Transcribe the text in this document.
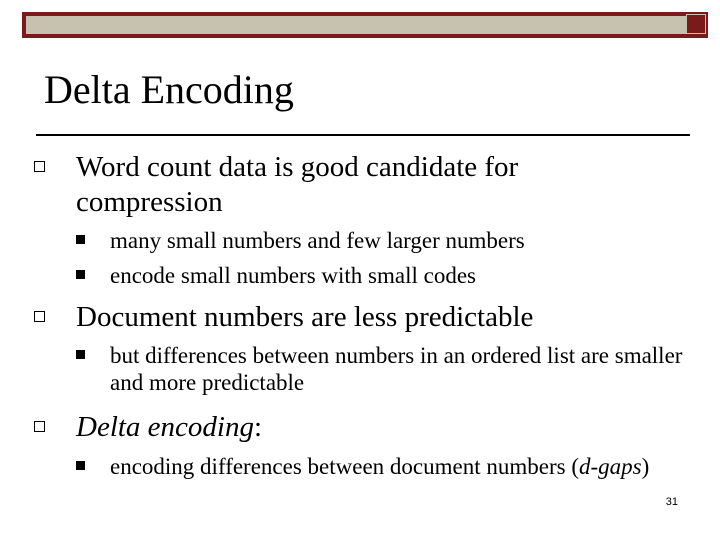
Delta Encoding
Word count data is good candidate for compression
many small numbers and few larger numbers
encode small numbers with small codes
Document numbers are less predictable
but differences between numbers in an ordered list are smaller and more predictable
Delta encoding:
encoding differences between document numbers (d-gaps)
31
